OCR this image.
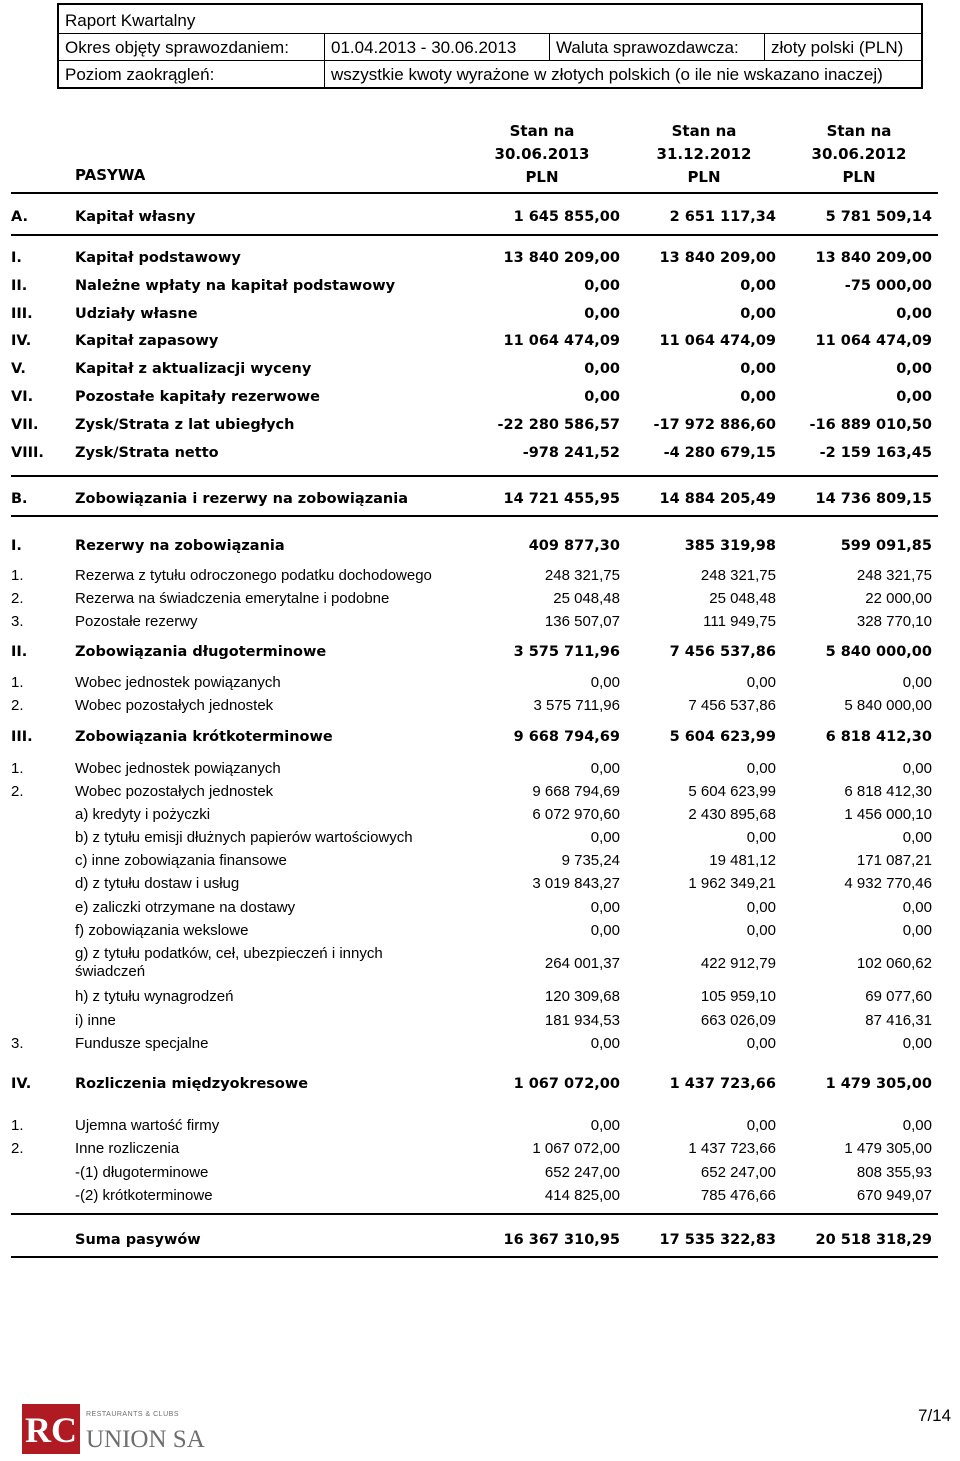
Raport Kwartalny
Okres objęty sprawozdaniem: 01.04.2013 - 30.06.2013 Waluta sprawozdawcza: złoty polski (PLN)
Poziom zaokrągleń:	wszystkie kwoty wyrażone w złotych polskich (o ile nie wskazano inaczej)
PASYWA
Stan na
30.06.2013
PLN
Stan na
31.12.2012
PLN
Stan na
30.06.2012
PLN
A.	Kapitał własny	1 645 855,00	2 651 117,34	5 781 509,14
I.	Kapitał podstawowy	13 840 209,00	13 840 209,00	13 840 209,00
II.	Należne wpłaty na kapitał podstawowy	0,00	0,00	-75 000,00
III.	Udziały własne	0,00	0,00	0,00
IV.	Kapitał zapasowy	11 064 474,09	11 064 474,09	11 064 474,09
V.	Kapitał z aktualizacji wyceny	0,00	0,00	0,00
VI.	Pozostałe kapitały rezerwowe	0,00	0,00	0,00
VII.	Zysk/Strata z lat ubiegłych	-22 280 586,57	-17 972 886,60	-16 889 010,50
VIII. Zysk/Strata netto	-978 241,52	-4 280 679,15	-2 159 163,45
B.	Zobowiązania i rezerwy na zobowiązania	14 721 455,95	14 884 205,49	14 736 809,15
I.	Rezerwy na zobowiązania	409 877,30	385 319,98	599 091,85
1.	Rezerwa z tytułu odroczonego podatku dochodowego	248 321,75	248 321,75	248 321,75
2.	Rezerwa na świadczenia emerytalne i podobne	25 048,48	25 048,48	22 000,00
3.	Pozostałe rezerwy	136 507,07	111 949,75	328 770,10
II.	Zobowiązania długoterminowe	3 575 711,96	7 456 537,86	5 840 000,00
1.	Wobec jednostek powiązanych	0,00	0,00	0,00
2.	Wobec pozostałych jednostek	3 575 711,96	7 456 537,86	5 840 000,00
III.	Zobowiązania krótkoterminowe	9 668 794,69	5 604 623,99	6 818 412,30
1.	Wobec jednostek powiązanych	0,00	0,00	0,00
2.	Wobec pozostałych jednostek	9 668 794,69	5 604 623,99	6 818 412,30
a) kredyty i pożyczki	6 072 970,60	2 430 895,68	1 456 000,10
b) z tytułu emisji dłużnych papierów wartościowych	0,00	0,00	0,00
c) inne zobowiązania finansowe	9 735,24	19 481,12	171 087,21
d) z tytułu dostaw i usług	3 019 843,27	1 962 349,21	4 932 770,46
e) zaliczki otrzymane na dostawy	0,00	0,00	0,00
f) zobowiązania wekslowe	0,00	0,00	0,00
g) z tytułu podatków, ceł, ubezpieczeń i innych świadczeń	264 001,37	422 912,79	102 060,62
h) z tytułu wynagrodzeń	120 309,68	105 959,10	69 077,60
i) inne	181 934,53	663 026,09	87 416,31
3.	Fundusze specjalne	0,00	0,00	0,00
IV.	Rozliczenia międzyokresowe	1 067 072,00	1 437 723,66	1 479 305,00
1.	Ujemna wartość firmy	0,00	0,00	0,00
2.	Inne rozliczenia	1 067 072,00	1 437 723,66	1 479 305,00
-(1) długoterminowe	652 247,00	652 247,00	808 355,93
-(2) krótkoterminowe	414 825,00	785 476,66	670 949,07
Suma pasywów	16 367 310,95	17 535 322,83	20 518 318,29
RC RESTAURANTS & CLUBS
UNION SA
7/14
